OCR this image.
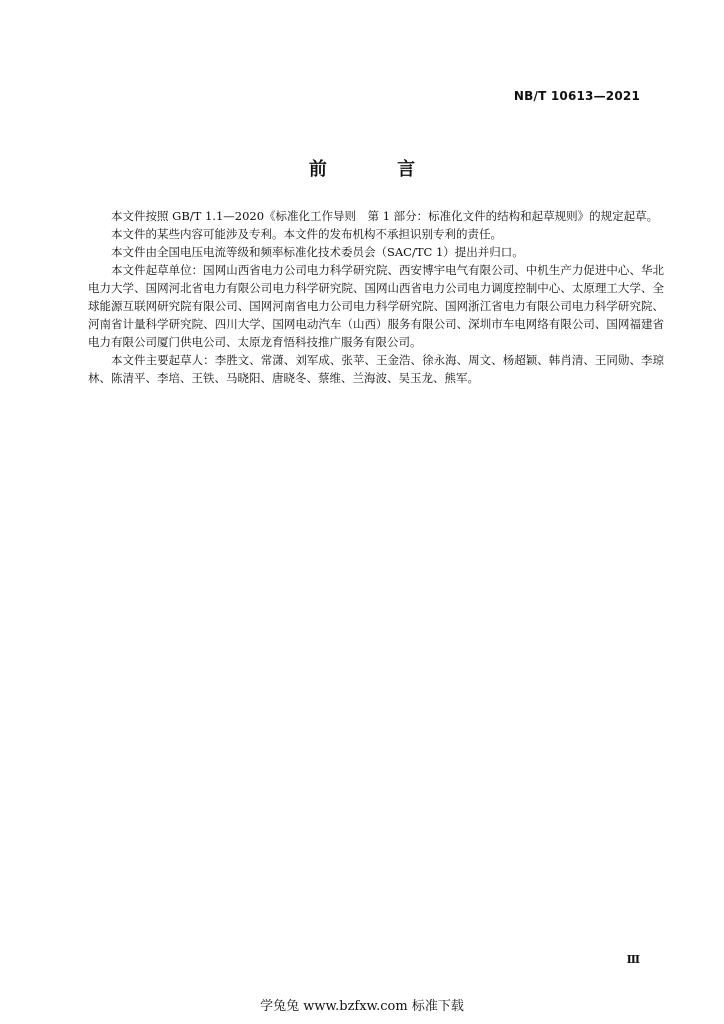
NB/T 10613—2021
前 言

本文件按照 GB/T 1.1—2020《标准化工作导则　第 1 部分：标准化文件的结构和起草规则》的规定起草。

本文件的某些内容可能涉及专利。本文件的发布机构不承担识别专利的责任。

本文件由全国电压电流等级和频率标准化技术委员会（SAC/TC 1）提出并归口。

本文件起草单位：国网山西省电力公司电力科学研究院、西安博宇电气有限公司、中机生产力促进中心、华北电力大学、国网河北省电力有限公司电力科学研究院、国网山西省电力公司电力调度控制中心、太原理工大学、全球能源互联网研究院有限公司、国网河南省电力公司电力科学研究院、国网浙江省电力有限公司电力科学研究院、河南省计量科学研究院、四川大学、国网电动汽车（山西）服务有限公司、深圳市车电网络有限公司、国网福建省电力有限公司厦门供电公司、太原龙育悟科技推广服务有限公司。

本文件主要起草人：李胜文、常潇、刘军成、张苹、王金浩、徐永海、周文、杨超颖、韩肖清、王同勋、李琼林、陈清平、李培、王铁、马晓阳、唐晓冬、蔡维、兰海波、吴玉龙、熊军。

Ⅲ
学兔兔 www.bzfxw.com 标准下载
